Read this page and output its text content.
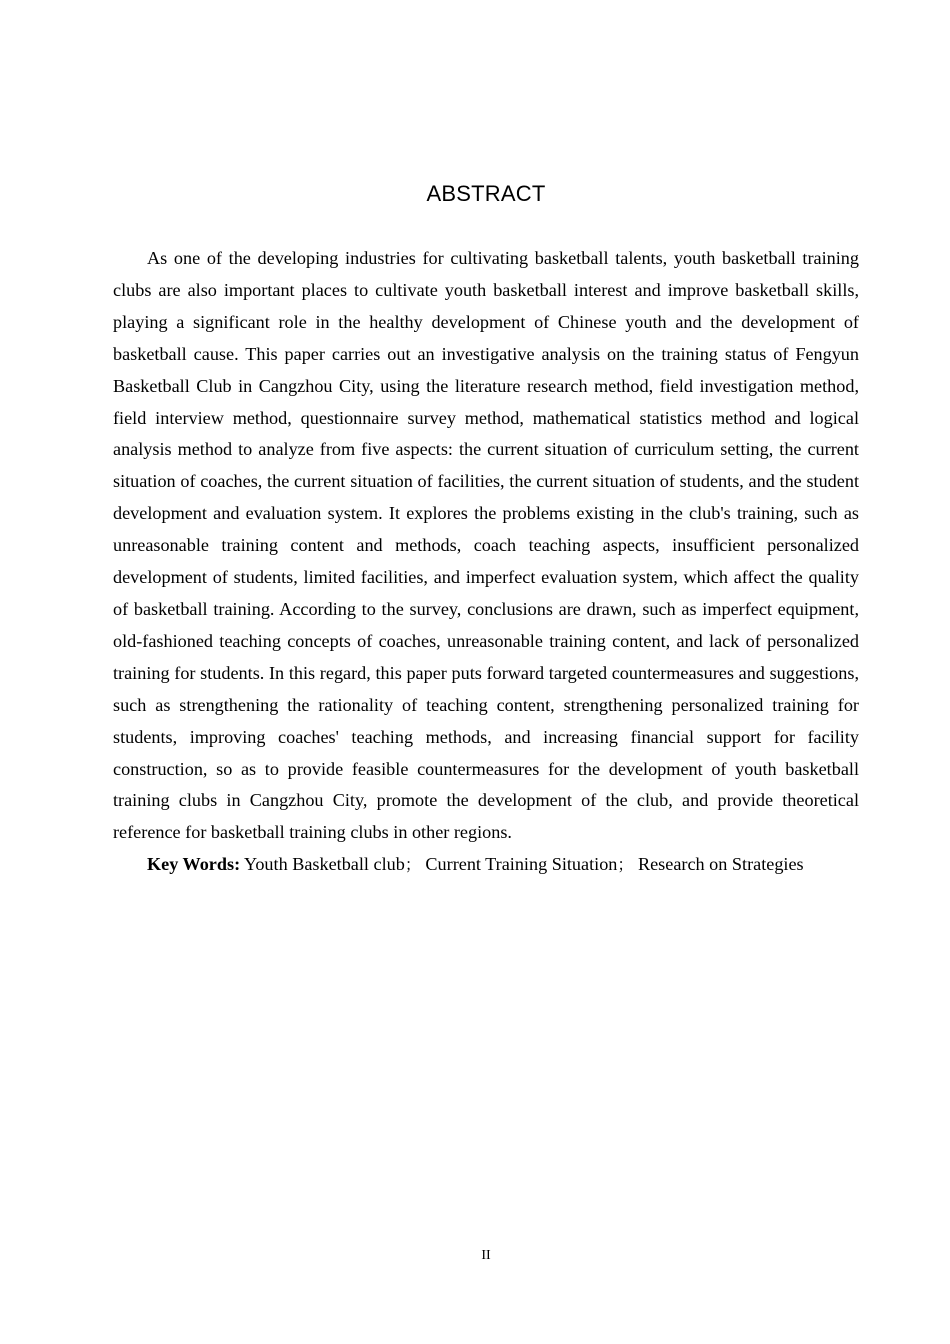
ABSTRACT

As one of the developing industries for cultivating basketball talents, youth basketball training clubs are also important places to cultivate youth basketball interest and improve basketball skills, playing a significant role in the healthy development of Chinese youth and the development of basketball cause. This paper carries out an investigative analysis on the training status of Fengyun Basketball Club in Cangzhou City, using the literature research method, field investigation method, field interview method, questionnaire survey method, mathematical statistics method and logical analysis method to analyze from five aspects: the current situation of curriculum setting, the current situation of coaches, the current situation of facilities, the current situation of students, and the student development and evaluation system. It explores the problems existing in the club's training, such as unreasonable training content and methods, coach teaching aspects, insufficient personalized development of students, limited facilities, and imperfect evaluation system, which affect the quality of basketball training. According to the survey, conclusions are drawn, such as imperfect equipment, old-fashioned teaching concepts of coaches, unreasonable training content, and lack of personalized training for students. In this regard, this paper puts forward targeted countermeasures and suggestions, such as strengthening the rationality of teaching content, strengthening personalized training for students, improving coaches' teaching methods, and increasing financial support for facility construction, so as to provide feasible countermeasures for the development of youth basketball training clubs in Cangzhou City, promote the development of the club, and provide theoretical reference for basketball training clubs in other regions.

Key Words: Youth Basketball club； Current Training Situation； Research on Strategies

II
